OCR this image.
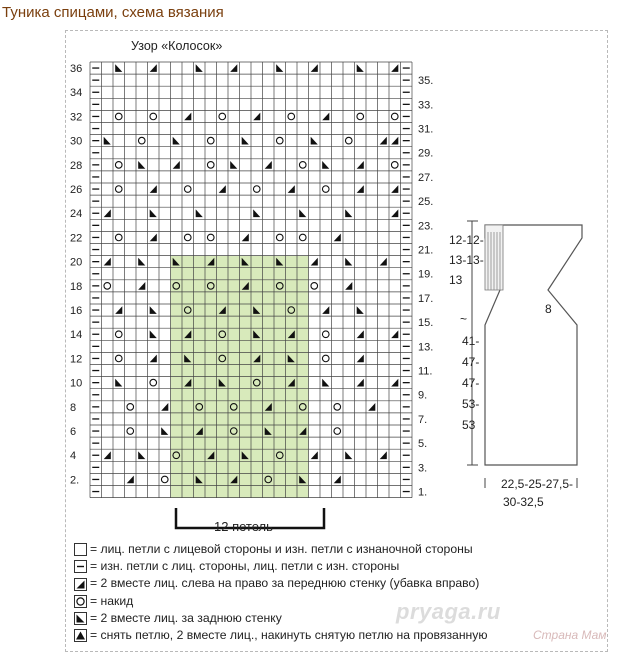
Туника спицами, схема вязания
Узор «Колосок»
36
34
32
30
28
26
24
22
20
18
16
14
12
10
8
6
4
2.
35.
33.
31.
29.
27.
25.
23.
21.
19.
17.
15.
13.
11.
9.
7.
5.
3.
1.
12 петель
12-12-
13-13-
13
8
~
41-
47-
47-
53-
53
22,5-25-27,5-
30-32,5
= лиц. петли с лицевой стороны и изн. петли с изнаночной стороны
= изн. петли с лиц. стороны, лиц. петли с изн. стороны
= 2 вместе лиц. слева на право за переднюю стенку (убавка вправо)
= накид
= 2 вместе лиц. за заднюю стенку
= снять петлю, 2 вместе лиц., накинуть снятую петлю на провязанную
pryaga.ru
Страна Мам
